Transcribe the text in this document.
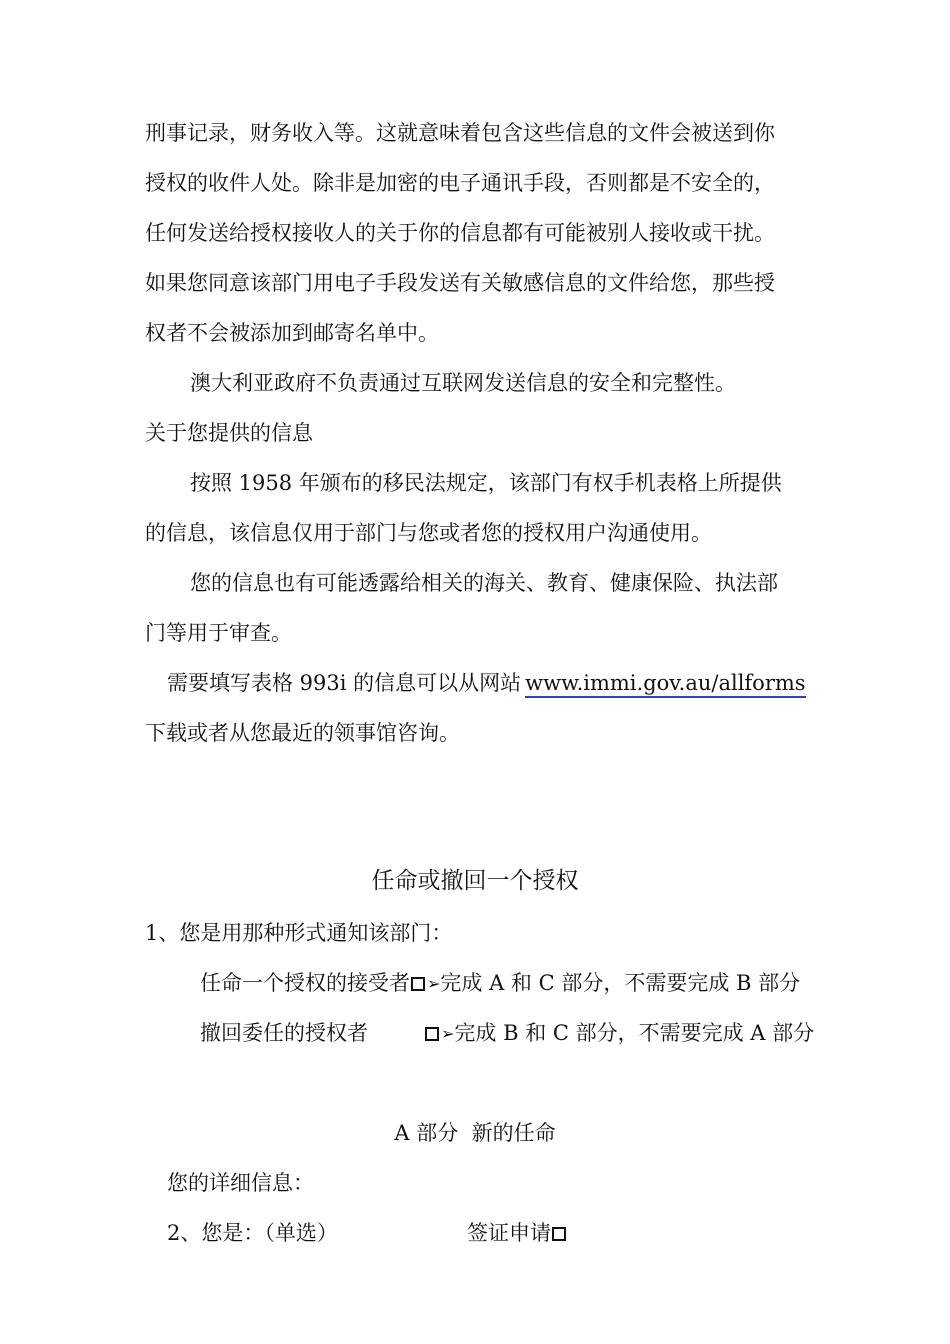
刑事记录，财务收入等。这就意味着包含这些信息的文件会被送到你
授权的收件人处。除非是加密的电子通讯手段，否则都是不安全的，
任何发送给授权接收人的关于你的信息都有可能被别人接收或干扰。
如果您同意该部门用电子手段发送有关敏感信息的文件给您，那些授
权者不会被添加到邮寄名单中。
澳大利亚政府不负责通过互联网发送信息的安全和完整性。
关于您提供的信息
按照 1958 年颁布的移民法规定，该部门有权手机表格上所提供
的信息，该信息仅用于部门与您或者您的授权用户沟通使用。
您的信息也有可能透露给相关的海关、教育、健康保险、执法部
门等用于审查。
需要填写表格 993i 的信息可以从网站 www.immi.gov.au/allforms
下载或者从您最近的领事馆咨询。
任命或撤回一个授权
1、您是用那种形式通知该部门：
任命一个授权的接受者 ➢完成 A 和 C 部分，不需要完成 B 部分
撤回委任的授权者	➢完成 B 和 C 部分，不需要完成 A 部分
A 部分  新的任命
您的详细信息：
2、您是：（单选）	签证申请
